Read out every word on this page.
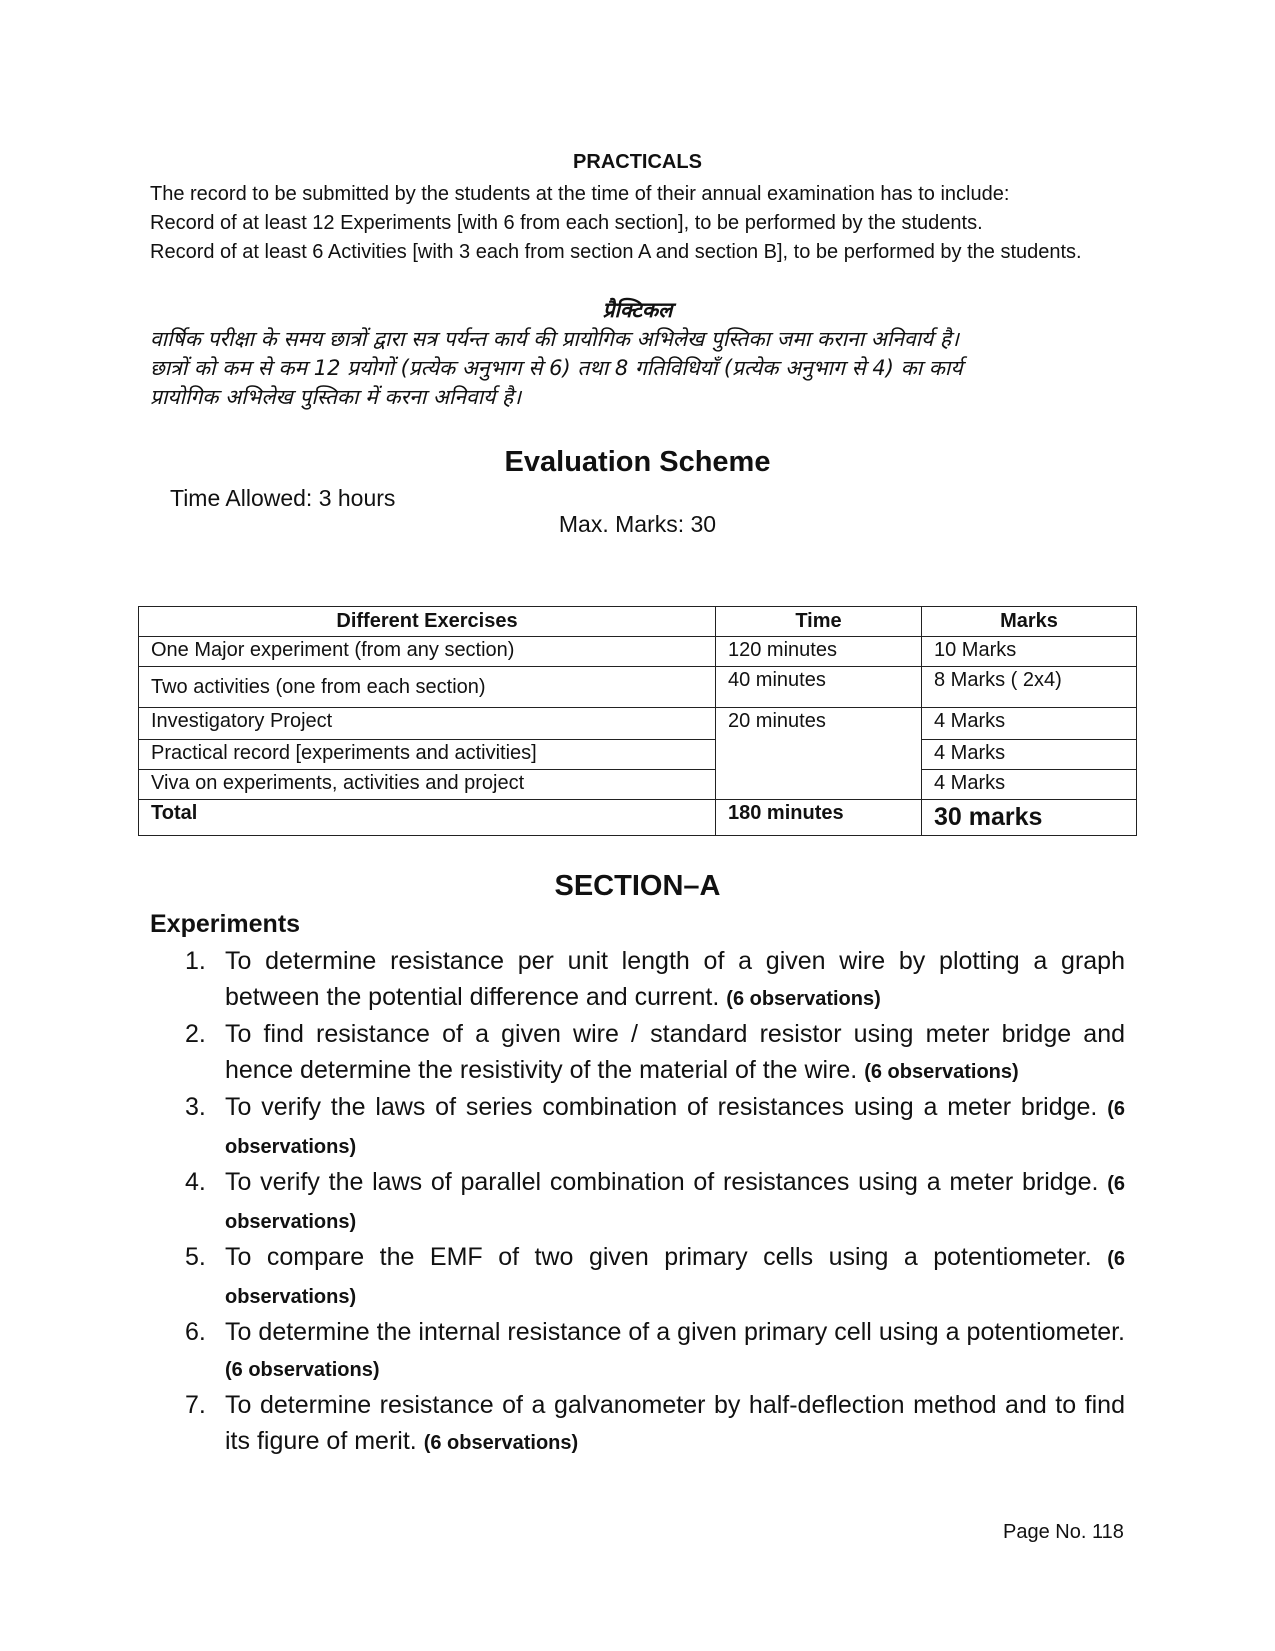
PRACTICALS

The record to be submitted by the students at the time of their annual examination has to include:

Record of at least 12 Experiments [with 6 from each section], to be performed by the students.

Record of at least 6 Activities [with 3 each from section A and section B], to be performed by the students.

प्रैक्टिकल

वार्षिक परीक्षा के समय छात्रों द्वारा सत्र पर्यन्त कार्य की प्रायोगिक अभिलेख पुस्तिका जमा कराना अनिवार्य है।

छात्रों को कम से कम 12 प्रयोगों (प्रत्येक अनुभाग से 6) तथा 8 गतिविधियाँ (प्रत्येक अनुभाग से 4) का कार्य

प्रायोगिक अभिलेख पुस्तिका में करना अनिवार्य है।

Evaluation Scheme
Time Allowed: 3 hours
Max. Marks: 30
Different Exercises	Time	Marks
One Major experiment (from any section)	120 minutes	10 Marks
Two activities (one from each section)	40 minutes	8 Marks ( 2x4)
Investigatory Project	20 minutes	4 Marks
Practical record [experiments and activities]		4 Marks
Viva on experiments, activities and project		4 Marks
Total	180 minutes	30 marks
SECTION–A
Experiments
1. To determine resistance per unit length of a given wire by plotting a graph between the potential difference and current. (6 observations)
2. To find resistance of a given wire / standard resistor using meter bridge and hence determine the resistivity of the material of the wire. (6 observations)
3. To verify the laws of series combination of resistances using a meter bridge. (6 observations)
4. To verify the laws of parallel combination of resistances using a meter bridge. (6 observations)
5. To compare the EMF of two given primary cells using a potentiometer. (6 observations)
6. To determine the internal resistance of a given primary cell using a potentiometer. (6 observations)
7. To determine resistance of a galvanometer by half-deflection method and to find its figure of merit. (6 observations)
Page No. 118
